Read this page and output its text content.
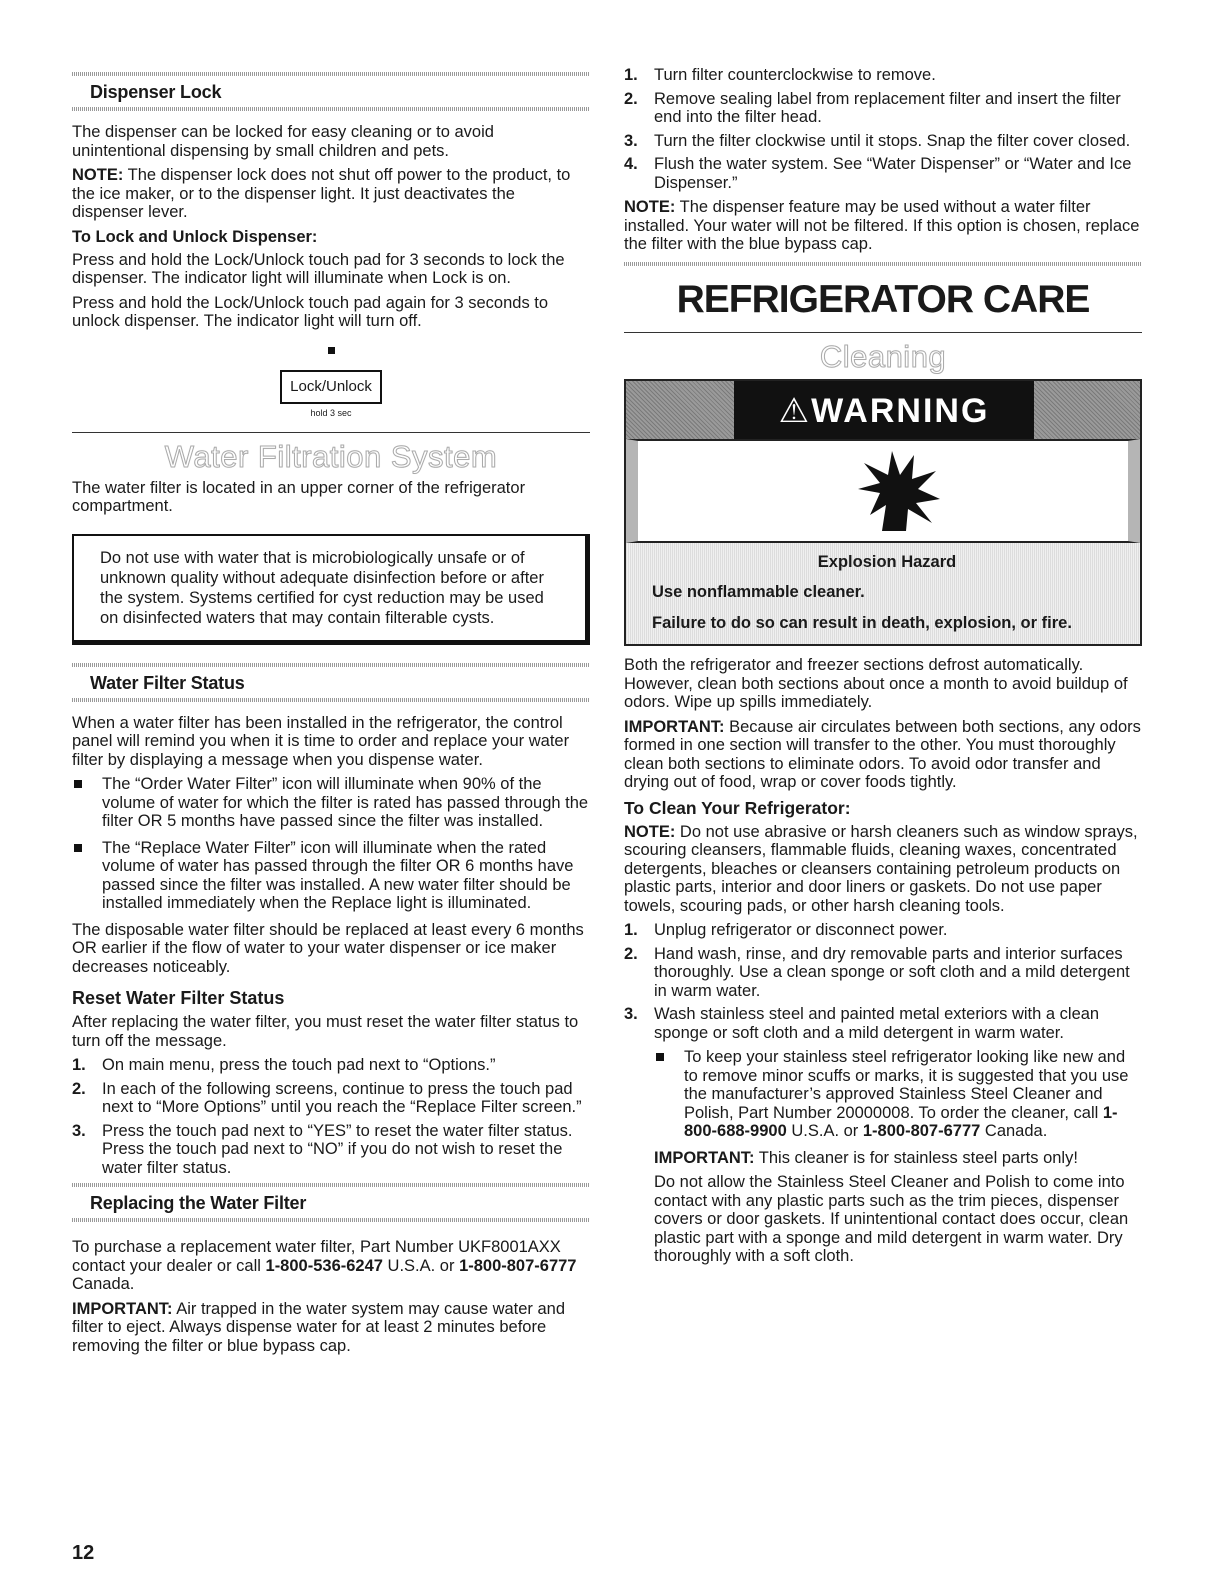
Dispenser Lock

The dispenser can be locked for easy cleaning or to avoid unintentional dispensing by small children and pets.

NOTE: The dispenser lock does not shut off power to the product, to the ice maker, or to the dispenser light. It just deactivates the dispenser lever.

To Lock and Unlock Dispenser:

Press and hold the Lock/Unlock touch pad for 3 seconds to lock the dispenser. The indicator light will illuminate when Lock is on.

Press and hold the Lock/Unlock touch pad again for 3 seconds to unlock dispenser. The indicator light will turn off.

Lock/Unlock
hold 3 sec
Water Filtration System

The water filter is located in an upper corner of the refrigerator compartment.

Do not use with water that is microbiologically unsafe or of unknown quality without adequate disinfection before or after the system. Systems certified for cyst reduction may be used on disinfected waters that may contain filterable cysts.

Water Filter Status

When a water filter has been installed in the refrigerator, the control panel will remind you when it is time to order and replace your water filter by displaying a message when you dispense water.

The “Order Water Filter” icon will illuminate when 90% of the volume of water for which the filter is rated has passed through the filter OR 5 months have passed since the filter was installed.
The “Replace Water Filter” icon will illuminate when the rated volume of water has passed through the filter OR 6 months have passed since the filter was installed. A new water filter should be installed immediately when the Replace light is illuminated.

The disposable water filter should be replaced at least every 6 months OR earlier if the flow of water to your water dispenser or ice maker decreases noticeably.

Reset Water Filter Status

After replacing the water filter, you must reset the water filter status to turn off the message.

1. On main menu, press the touch pad next to “Options.”
2. In each of the following screens, continue to press the touch pad next to “More Options” until you reach the “Replace Filter screen.”
3. Press the touch pad next to “YES” to reset the water filter status. Press the touch pad next to “NO” if you do not wish to reset the water filter status.
Replacing the Water Filter

To purchase a replacement water filter, Part Number UKF8001AXX contact your dealer or call 1-800-536-6247 U.S.A. or 1-800-807-6777 Canada.

IMPORTANT: Air trapped in the water system may cause water and filter to eject. Always dispense water for at least 2 minutes before removing the filter or blue bypass cap.

1. Turn filter counterclockwise to remove.
2. Remove sealing label from replacement filter and insert the filter end into the filter head.
3. Turn the filter clockwise until it stops. Snap the filter cover closed.
4. Flush the water system. See “Water Dispenser” or “Water and Ice Dispenser.”

NOTE: The dispenser feature may be used without a water filter installed. Your water will not be filtered. If this option is chosen, replace the filter with the blue bypass cap.

REFRIGERATOR CARE
Cleaning
⚠WARNING

Explosion Hazard

Use nonflammable cleaner.

Failure to do so can result in death, explosion, or fire.

Both the refrigerator and freezer sections defrost automatically. However, clean both sections about once a month to avoid buildup of odors. Wipe up spills immediately.

IMPORTANT: Because air circulates between both sections, any odors formed in one section will transfer to the other. You must thoroughly clean both sections to eliminate odors. To avoid odor transfer and drying out of food, wrap or cover foods tightly.

To Clean Your Refrigerator:

NOTE: Do not use abrasive or harsh cleaners such as window sprays, scouring cleansers, flammable fluids, cleaning waxes, concentrated detergents, bleaches or cleansers containing petroleum products on plastic parts, interior and door liners or gaskets. Do not use paper towels, scouring pads, or other harsh cleaning tools.

1. Unplug refrigerator or disconnect power.
2. Hand wash, rinse, and dry removable parts and interior surfaces thoroughly. Use a clean sponge or soft cloth and a mild detergent in warm water.
3. Wash stainless steel and painted metal exteriors with a clean sponge or soft cloth and a mild detergent in warm water.
To keep your stainless steel refrigerator looking like new and to remove minor scuffs or marks, it is suggested that you use the manufacturer’s approved Stainless Steel Cleaner and Polish, Part Number 20000008. To order the cleaner, call 1-800-688-9900 U.S.A. or 1-800-807-6777 Canada.

IMPORTANT: This cleaner is for stainless steel parts only!

Do not allow the Stainless Steel Cleaner and Polish to come into contact with any plastic parts such as the trim pieces, dispenser covers or door gaskets. If unintentional contact does occur, clean plastic part with a sponge and mild detergent in warm water. Dry thoroughly with a soft cloth.

12
